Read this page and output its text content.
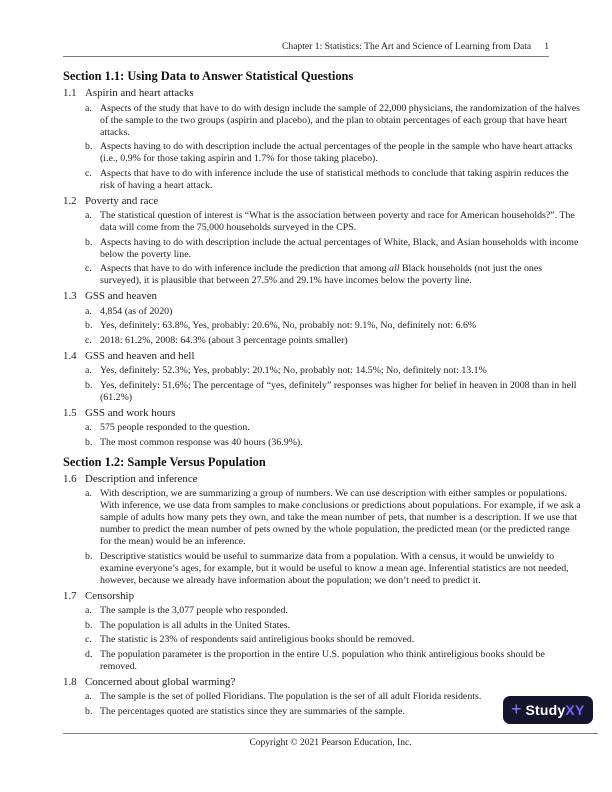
Chapter 1: Statistics: The Art and Science of Learning from Data 1
Section 1.1: Using Data to Answer Statistical Questions
1.1 Aspirin and heart attacks
a. Aspects of the study that have to do with design include the sample of 22,000 physicians, the randomization of the halves of the sample to the two groups (aspirin and placebo), and the plan to obtain percentages of each group that have heart attacks.
b. Aspects having to do with description include the actual percentages of the people in the sample who have heart attacks (i.e., 0.9% for those taking aspirin and 1.7% for those taking placebo).
c. Aspects that have to do with inference include the use of statistical methods to conclude that taking aspirin reduces the risk of having a heart attack.
1.2 Poverty and race
a. The statistical question of interest is “What is the association between poverty and race for American households?”. The data will come from the 75,000 households surveyed in the CPS.
b. Aspects having to do with description include the actual percentages of White, Black, and Asian households with income below the poverty line.
c. Aspects that have to do with inference include the prediction that among all Black households (not just the ones surveyed), it is plausible that between 27.5% and 29.1% have incomes below the poverty line.
1.3 GSS and heaven
a. 4,854 (as of 2020)
b. Yes, definitely: 63.8%, Yes, probably: 20.6%, No, probably not: 9.1%, No, definitely not: 6.6%
c. 2018: 61.2%, 2008: 64.3% (about 3 percentage points smaller)
1.4 GSS and heaven and hell
a. Yes, definitely: 52.3%; Yes, probably: 20.1%; No, probably not: 14.5%; No, definitely not: 13.1%
b. Yes, definitely: 51.6%; The percentage of “yes, definitely” responses was higher for belief in heaven in 2008 than in hell (61.2%)
1.5 GSS and work hours
a. 575 people responded to the question.
b. The most common response was 40 hours (36.9%).
Section 1.2: Sample Versus Population
1.6 Description and inference
a. With description, we are summarizing a group of numbers. We can use description with either samples or populations. With inference, we use data from samples to make conclusions or predictions about populations. For example, if we ask a sample of adults how many pets they own, and take the mean number of pets, that number is a description. If we use that number to predict the mean number of pets owned by the whole population, the predicted mean (or the predicted range for the mean) would be an inference.
b. Descriptive statistics would be useful to summarize data from a population. With a census, it would be unwieldy to examine everyone’s ages, for example, but it would be useful to know a mean age. Inferential statistics are not needed, however, because we already have information about the population; we don’t need to predict it.
1.7 Censorship
a. The sample is the 3,077 people who responded.
b. The population is all adults in the United States.
c. The statistic is 23% of respondents said antireligious books should be removed.
d. The population parameter is the proportion in the entire U.S. population who think antireligious books should be removed.
1.8 Concerned about global warming?
a. The sample is the set of polled Floridians. The population is the set of all adult Florida residents.
b. The percentages quoted are statistics since they are summaries of the sample.	+ Study XY
Copyright © 2021 Pearson Education, Inc.
